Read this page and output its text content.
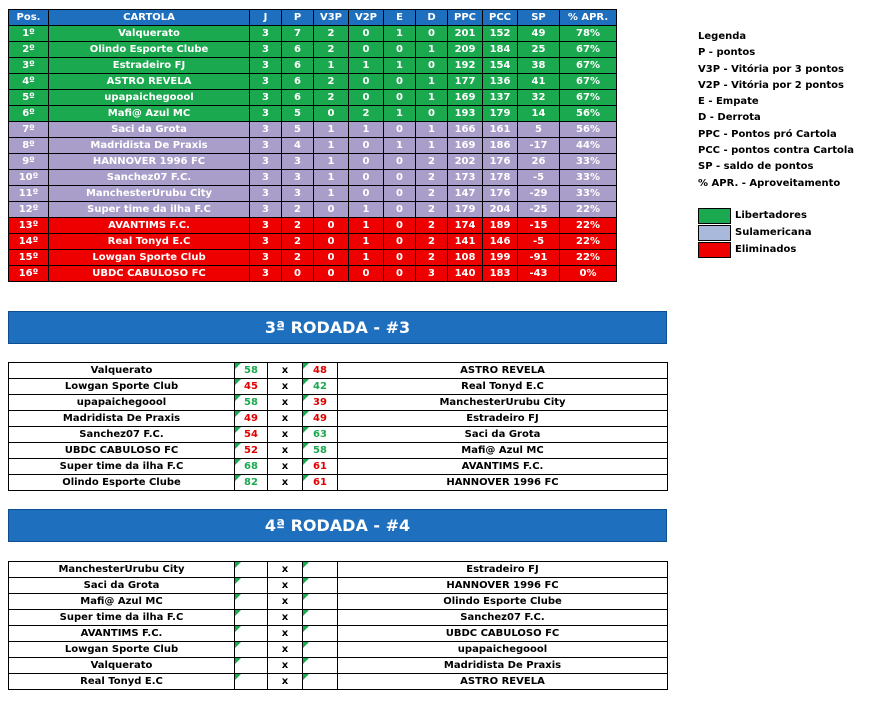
Pos.	CARTOLA	J	P	V3P	V2P	E	D	PPC	PCC	SP	% APR.
1º	Valquerato	3	7	2	0	1	0	201	152	49	78%
2º	Olindo Esporte Clube	3	6	2	0	0	1	209	184	25	67%
3º	Estradeiro FJ	3	6	1	1	1	0	192	154	38	67%
4º	ASTRO REVELA	3	6	2	0	0	1	177	136	41	67%
5º	upapaichegoool	3	6	2	0	0	1	169	137	32	67%
6º	Mafi@ Azul MC	3	5	0	2	1	0	193	179	14	56%
7º	Saci da Grota	3	5	1	1	0	1	166	161	5	56%
8º	Madridista De Praxis	3	4	1	0	1	1	169	186	-17	44%
9º	HANNOVER 1996 FC	3	3	1	0	0	2	202	176	26	33%
10º	Sanchez07 F.C.	3	3	1	0	0	2	173	178	-5	33%
11º	ManchesterUrubu City	3	3	1	0	0	2	147	176	-29	33%
12º	Super time da ilha F.C	3	2	0	1	0	2	179	204	-25	22%
13º	AVANTIMS F.C.	3	2	0	1	0	2	174	189	-15	22%
14º	Real Tonyd E.C	3	2	0	1	0	2	141	146	-5	22%
15º	Lowgan Sporte Club	3	2	0	1	0	2	108	199	-91	22%
16º	UBDC CABULOSO FC	3	0	0	0	0	3	140	183	-43	0%
Legenda
P - pontos
V3P - Vitória por 3 pontos
V2P - Vitória por 2 pontos
E - Empate
D - Derrota
PPC - Pontos pró Cartola
PCC - pontos contra Cartola
SP - saldo de pontos
% APR. - Aproveitamento
Libertadores
Sulamericana
Eliminados
3ª RODADA - #3
Valquerato	58	x	48	ASTRO REVELA
Lowgan Sporte Club	45	x	42	Real Tonyd E.C
upapaichegoool	58	x	39	ManchesterUrubu City
Madridista De Praxis	49	x	49	Estradeiro FJ
Sanchez07 F.C.	54	x	63	Saci da Grota
UBDC CABULOSO FC	52	x	58	Mafi@ Azul MC
Super time da ilha F.C	68	x	61	AVANTIMS F.C.
Olindo Esporte Clube	82	x	61	HANNOVER 1996 FC
4ª RODADA - #4
ManchesterUrubu City		x		Estradeiro FJ
Saci da Grota		x		HANNOVER 1996 FC
Mafi@ Azul MC		x		Olindo Esporte Clube
Super time da ilha F.C		x		Sanchez07 F.C.
AVANTIMS F.C.		x		UBDC CABULOSO FC
Lowgan Sporte Club		x		upapaichegoool
Valquerato		x		Madridista De Praxis
Real Tonyd E.C		x		ASTRO REVELA
